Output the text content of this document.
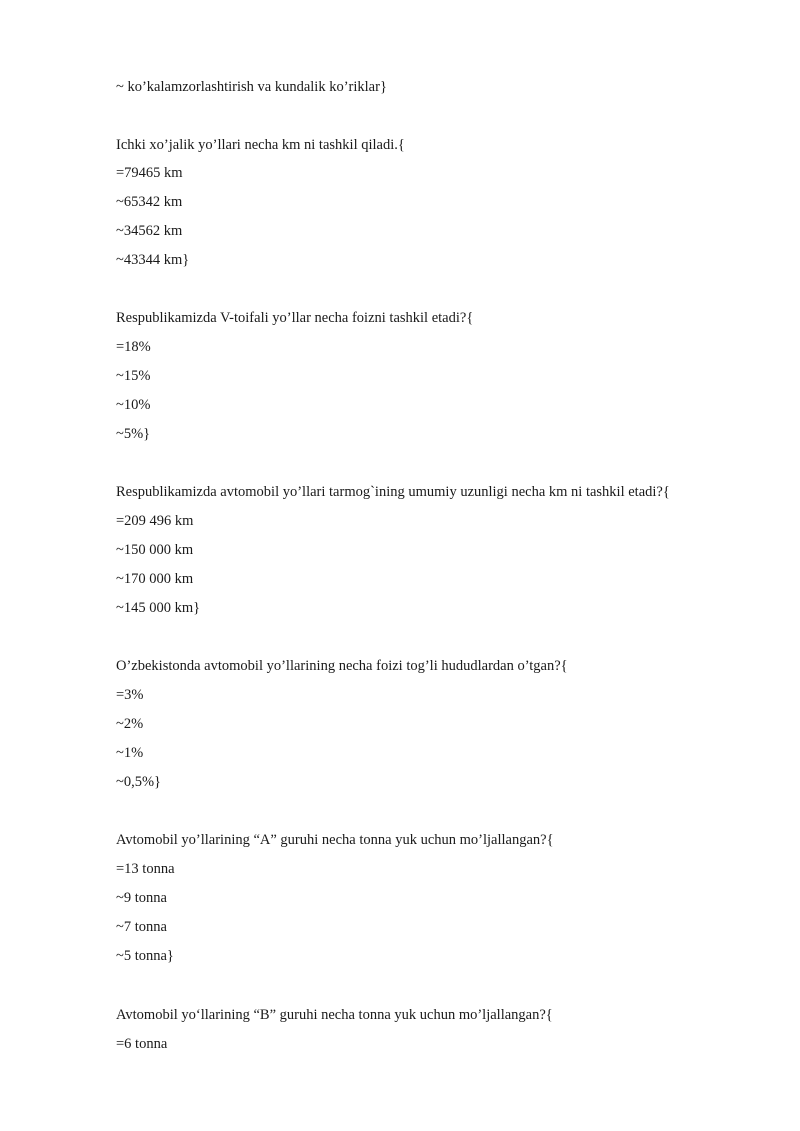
~ ko’kalamzorlashtirish va kundalik ko’riklar}
Ichki xo’jalik yo’llari necha km ni tashkil qiladi.{
=79465 km
~65342 km
~34562 km
~43344 km}
Respublikamizda V-toifali yo’llar necha foizni tashkil etadi?{
=18%
~15%
~10%
~5%}
Respublikamizda avtomobil yo’llari tarmog`ining umumiy uzunligi necha km ni tashkil etadi?{
=209 496 km
~150 000 km
~170 000 km
~145 000 km}
O’zbekistonda avtomobil yo’llarining necha foizi tog’li hududlardan o’tgan?{
=3%
~2%
~1%
~0,5%}
Avtomobil yo’llarining “A” guruhi necha tonna yuk uchun mo’ljallangan?{
=13 tonna
~9 tonna
~7 tonna
~5 tonna}
Avtomobil yo‘llarining “B” guruhi necha tonna yuk uchun mo’ljallangan?{
=6 tonna
